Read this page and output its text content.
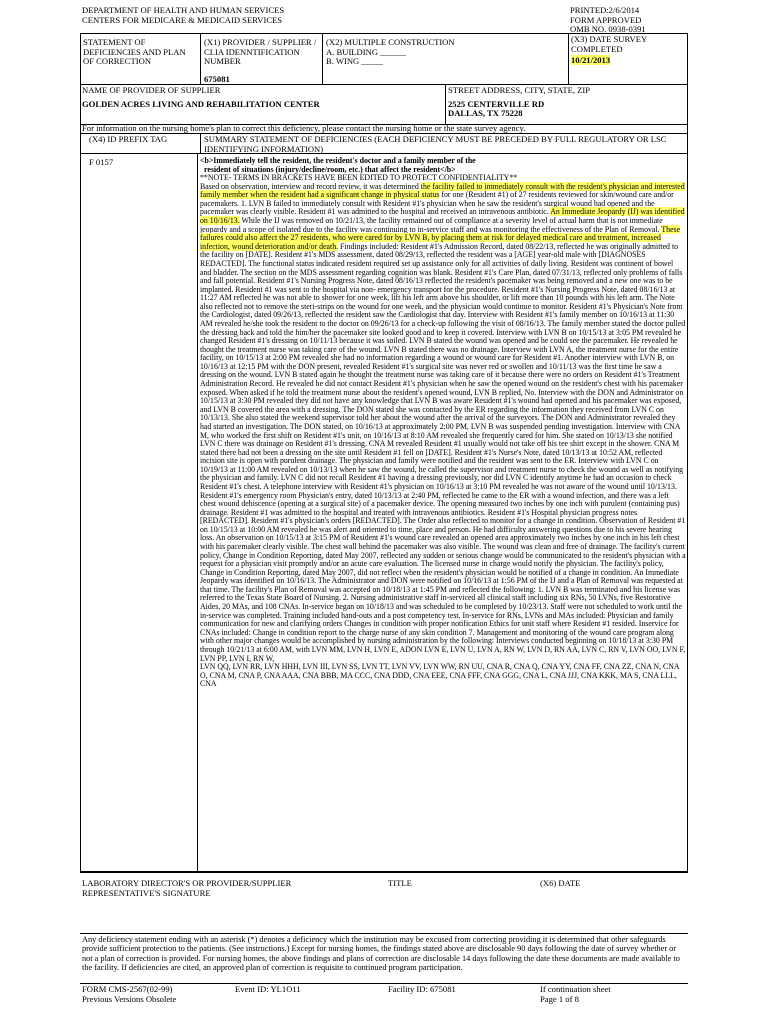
DEPARTMENT OF HEALTH AND HUMAN SERVICES
CENTERS FOR MEDICARE & MEDICAID SERVICES
PRINTED:2/6/2014
FORM APPROVED
OMB NO. 0938-0391
STATEMENT OF DEFICIENCIES AND PLAN OF CORRECTION
(X1) PROVIDER / SUPPLIER / CLIA IDENNTIFICATION NUMBER
675081
(X2) MULTIPLE CONSTRUCTION
A. BUILDING ______
B. WING _____
(X3) DATE SURVEY COMPLETED
10/21/2013
NAME OF PROVIDER OF SUPPLIER
GOLDEN ACRES LIVING AND REHABILITATION CENTER
STREET ADDRESS, CITY, STATE, ZIP
2525 CENTERVILLE RD
DALLAS, TX 75228
For information on the nursing home's plan to correct this deficiency, please contact the nursing home or the state survey agency.
(X4) ID PREFIX TAG	SUMMARY STATEMENT OF DEFICIENCIES (EACH DEFICIENCY MUST BE PRECEDED BY FULL REGULATORY OR LSC IDENTIFYING INFORMATION)
F 0157	<b>Immediately tell the resident, the resident's doctor and a family member of the

resident of situations (injury/decline/room, etc.) that affect the resident</b>

**NOTE- TERMS IN BRACKETS HAVE BEEN EDITED TO PROTECT CONFIDENTIALITY**

Based on observation, interview and record review, it was determined the facility failed to immediately consult with the resident's physician and interested family member when the resident had a significant change in physical status for one (Resident #1) of 27 residents reviewed for skin/wound care and/or pacemakers. 1. LVN B failed to immediately consult with Resident #1's physician when he saw the resident's surgical wound had opened and the pacemaker was clearly visible. Resident #1 was admitted to the hospital and received an intravenous antibiotic. An Immediate Jeopardy (IJ) was identified on 10/16/13. While the IJ was removed on 10/21/13, the facility remained out of compliance at a severity level of actual harm that is not immediate jeopardy and a scope of isolated due to the facility was continuing to in-service staff and was monitoring the effectiveness of the Plan of Removal. These failures could also affect the 27 residents, who were cared for by LVN B, by placing them at risk for delayed medical care and treatment, increased infection, wound deterioration and/or death. Findings included: Resident #1's Admission Record, dated 08/22/13, reflected he was originally admitted to the facility on [DATE]. Resident #1's MDS assessment, dated 08/29/13, reflected the resident was a [AGE] year-old male with [DIAGNOSES REDACTED]. The functional status indicated resident required set up assistance only for all activities of daily living. Resident was continent of bowel and bladder. The section on the MDS assessment regarding cognition was blank. Resident #1's Care Plan, dated 07/31/13, reflected only problems of falls and fall potential. Resident #1's Nursing Progress Note, dated 08/16/13 reflected the resident's pacemaker was being removed and a new one was to be implanted. Resident #1 was sent to the hospital via non- emergency transport for the procedure. Resident #1's Nursing Progress Note, dated 08/16/13 at 11:27 AM reflected he was not able to shower for one week, lift his left arm above his shoulder, or lift more than 10 pounds with his left arm. The Note also reflected not to remove the steri-strips on the wound for one week, and the physician would continue to monitor. Resident #1's Physician's Note from the Cardiologist, dated 09/26/13, reflected the resident saw the Cardiologist that day. Interview with Resident #1's family member on 10/16/13 at 11:30 AM revealed he/she took the resident to the doctor on 09/26/13 for a check-up following the visit of 08/16/13. The family member stated the doctor pulled the dressing back and told the him/her the pacemaker site looked good and to keep it covered. Interview with LVN B on 10/15/13 at 3:05 PM revealed he changed Resident #1's dressing on 10/11/13 because it was soiled. LVN B stated the wound was opened and he could see the pacemaker. He revealed he thought the treatment nurse was taking care of the wound. LVN B stated there was no drainage. Interview with LVN A, the treatment nurse for the entire facility, on 10/15/13 at 2:00 PM revealed she had no information regarding a wound or wound care for Resident #1. Another interview with LVN B, on 10/16/13 at 12:15 PM with the DON present, revealed Resident #1's surgical site was never red or swollen and 10/11/13 was the first time he saw a dressing on the wound. LVN B stated again he thought the treatment nurse was taking care of it because there were no orders on Resident #1's Treatment Administration Record. He revealed he did not contact Resident #1's physician when he saw the opened wound on the resident's chest with his pacemaker exposed. When asked if he told the treatment nurse about the resident's opened wound, LVN B replied, No. Interview with the DON and Administrator on 10/15/13 at 3:30 PM revealed they did not have any knowledge that LVN B was aware Resident #1's wound had opened and his pacemaker was exposed, and LVN B covered the area with a dressing. The DON stated she was contacted by the ER regarding the information they received from LVN C on 10/13/13. She also stated the weekend supervisor told her about the wound after the arrival of the surveyors. The DON and Administrator revealed they had started an investigation. The DON stated, on 10/16/13 at approximately 2:00 PM, LVN B was suspended pending investigation. Interview with CNA M, who worked the first shift on Resident #1's unit, on 10/16/13 at 8:10 AM revealed she frequently cared for him. She stated on 10/13/13 she notified LVN C there was drainage on Resident #1's dressing. CNA M revealed Resident #1 usually would not take off his tee shirt except in the shower. CNA M stated there had not been a dressing on the site until Resident #1 fell on [DATE]. Resident #1's Nurse's Note, dated 10/13/13 at 10:52 AM, reflected incision site is open with purulent drainage. The physician and family were notified and the resident was sent to the ER. Interview with LVN C on 10/19/13 at 11:00 AM revealed on 10/13/13 when he saw the wound, he called the supervisor and treatment nurse to check the wound as well as notifying the physician and family. LVN C did not recall Resident #1 having a dressing previously, nor did LVN C identify anytime he had an occasion to check Resident #1's chest. A telephone interview with Resident #1's physician on 10/16/13 at 3:10 PM revealed he was not aware of the wound until 10/13/13. Resident #1's emergency room Physician's entry, dated 10/13/13 at 2:40 PM, reflected he came to the ER with a wound infection, and there was a left chest wound dehiscence (opening at a surgical site) of a pacemaker device. The opening measured two inches by one inch with purulent (containing pus) drainage. Resident #1 was admitted to the hospital and treated with intravenous antibiotics. Resident #1's Hospital physician progress notes [REDACTED]. Resident #1's physician's orders [REDACTED]. The Order also reflected to monitor for a change in condition. Observation of Resident #1 on 10/15/13 at 10:00 AM revealed he was alert and oriented to time, place and person. He had difficulty answering questions due to his severe hearing loss. An observation on 10/15/13 at 3:15 PM of Resident #1's wound care revealed an opened area approximately two inches by one inch in his left chest with his pacemaker clearly visible. The chest wall behind the pacemaker was also visible. The wound was clean and free of drainage. The facility's current policy, Change in Condition Reporting, dated May 2007, reflected any sudden or serious change would be communicated to the resident's physician with a request for a physician visit promptly and/or an acute care evaluation. The licensed nurse in charge would notify the physician. The facility's policy, Change in Condition Reporting, dated May 2007, did not reflect when the resident's physician would be notified of a change in condition. An Immediate Jeopardy was identified on 10/16/13. The Administrator and DON were notified on 10/16/13 at 1:56 PM of the IJ and a Plan of Removal was requested at that time. The facility's Plan of Removal was accepted on 10/18/13 at 1:45 PM and reflected the following: 1. LVN B was terminated and his license was referred to the Texas State Board of Nursing. 2. Nursing administrative staff in-serviced all clinical staff including six RNs, 50 LVNs, five Restorative Aides, 20 MAs, and 108 CNAs. In-service began on 10/18/13 and was scheduled to be completed by 10/23/13. Staff were not scheduled to work until the in-service was completed. Training included hand-outs and a post competency test. In-service for RNs, LVNs and MAs included: Physician and family communication for new and clarifying orders Changes in condition with proper notification Ethics for unit staff where Resident #1 resided. Inservice for CNAs included: Change in condition report to the charge nurse of any skin condition 7. Management and monitoring of the wound care program along with other major changes would be accomplished by nursing administration by the following: Interviews conducted beginning on 10/18/13 at 3:30 PM through 10/21/13 at 6:00 AM, with LVN MM, LVN H, LVN E, ADON LVN E, LVN U, LVN A, RN W, LVN D, RN AA, LVN C, RN V, LVN OO, LVN F, LVN PP, LVN I, RN W,

LVN QQ, LVN RR, LVN HHH, LVN III, LVN SS, LVN TT, LVN VV, LVN WW, RN UU, CNA R, CNA Q, CNA YY, CNA FF, CNA ZZ, CNA N, CNA

O, CNA M, CNA P, CNA AAA, CNA BBB, MA CCC, CNA DDD, CNA EEE, CNA FFF, CNA GGG, CNA L, CNA JJJ, CNA KKK, MA S, CNA LLL, CNA

LABORATORY DIRECTOR'S OR PROVIDER/SUPPLIER REPRESENTATIVE'S SIGNATURE
TITLE	(X6) DATE
Any deficiency statement ending with an asterisk (*) denotes a deficiency which the institution may be excused from correcting providing it is determined that other safeguards provide sufficient protection to the patients. (See instructions.) Except for nursing homes, the findings stated above are disclosable 90 days following the date of survey whether or not a plan of correction is provided. For nursing homes, the above findings and plans of correction are disclosable 14 days following the date these documents are made available to the facility. If deficiencies are cited, an approved plan of correction is requisite to continued program participation.
FORM CMS-2567(02-99)
Previous Versions Obsolete
Event ID: YL1O11	Facility ID: 675081	If continuation sheet
Page 1 of 8
